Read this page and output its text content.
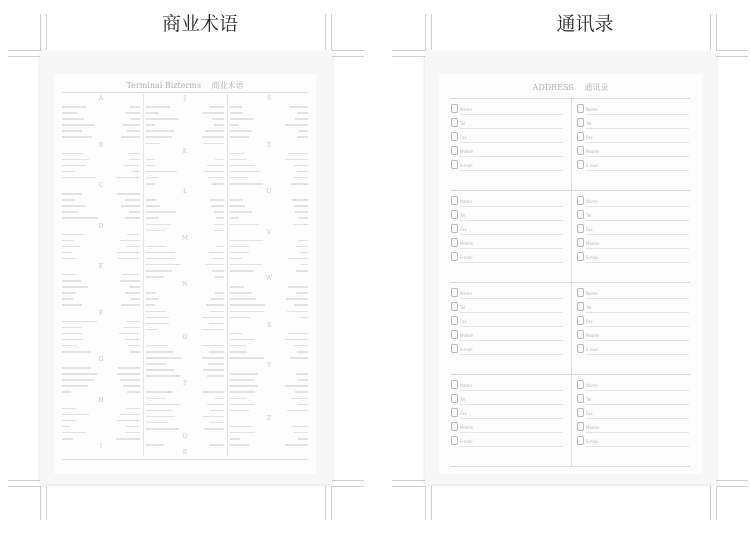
商业术语
Terminal Bizterms 商业术语
A
B
C
D
E
F
G
H
I
J
K
L
M
N
O
P
Q
R
S
T
U
V
W
X
Y
Z
通讯录
ADDRESS 通讯录
Name
Tel
Fax
Mobile
E-mail
Name
Tel
Fax
Mobile
E-mail
Name
Tel
Fax
Mobile
E-mail
Name
Tel
Fax
Mobile
E-mail
Name
Tel
Fax
Mobile
E-mail
Name
Tel
Fax
Mobile
E-mail
Name
Tel
Fax
Mobile
E-mail
Name
Tel
Fax
Mobile
E-mail
